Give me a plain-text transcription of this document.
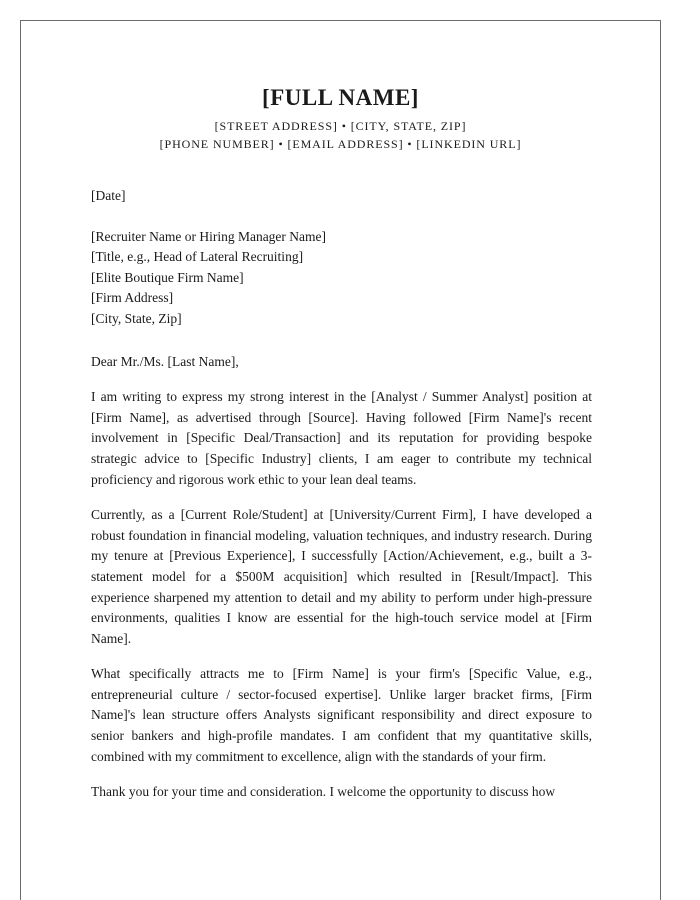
[FULL NAME]
[STREET ADDRESS] • [CITY, STATE, ZIP]
[PHONE NUMBER] • [EMAIL ADDRESS] • [LINKEDIN URL]

[Date]

[Recruiter Name or Hiring Manager Name]
[Title, e.g., Head of Lateral Recruiting]
[Elite Boutique Firm Name]
[Firm Address]
[City, State, Zip]

Dear Mr./Ms. [Last Name],

I am writing to express my strong interest in the [Analyst / Summer Analyst] position at [Firm Name], as advertised through [Source]. Having followed [Firm Name]'s recent involvement in [Specific Deal/Transaction] and its reputation for providing bespoke strategic advice to [Specific Industry] clients, I am eager to contribute my technical proficiency and rigorous work ethic to your lean deal teams.

Currently, as a [Current Role/Student] at [University/Current Firm], I have developed a robust foundation in financial modeling, valuation techniques, and industry research. During my tenure at [Previous Experience], I successfully [Action/Achievement, e.g., built a 3-statement model for a $500M acquisition] which resulted in [Result/Impact]. This experience sharpened my attention to detail and my ability to perform under high-pressure environments, qualities I know are essential for the high-touch service model at [Firm Name].

What specifically attracts me to [Firm Name] is your firm's [Specific Value, e.g., entrepreneurial culture / sector-focused expertise]. Unlike larger bracket firms, [Firm Name]'s lean structure offers Analysts significant responsibility and direct exposure to senior bankers and high-profile mandates. I am confident that my quantitative skills, combined with my commitment to excellence, align with the standards of your firm.

Thank you for your time and consideration. I welcome the opportunity to discuss how
